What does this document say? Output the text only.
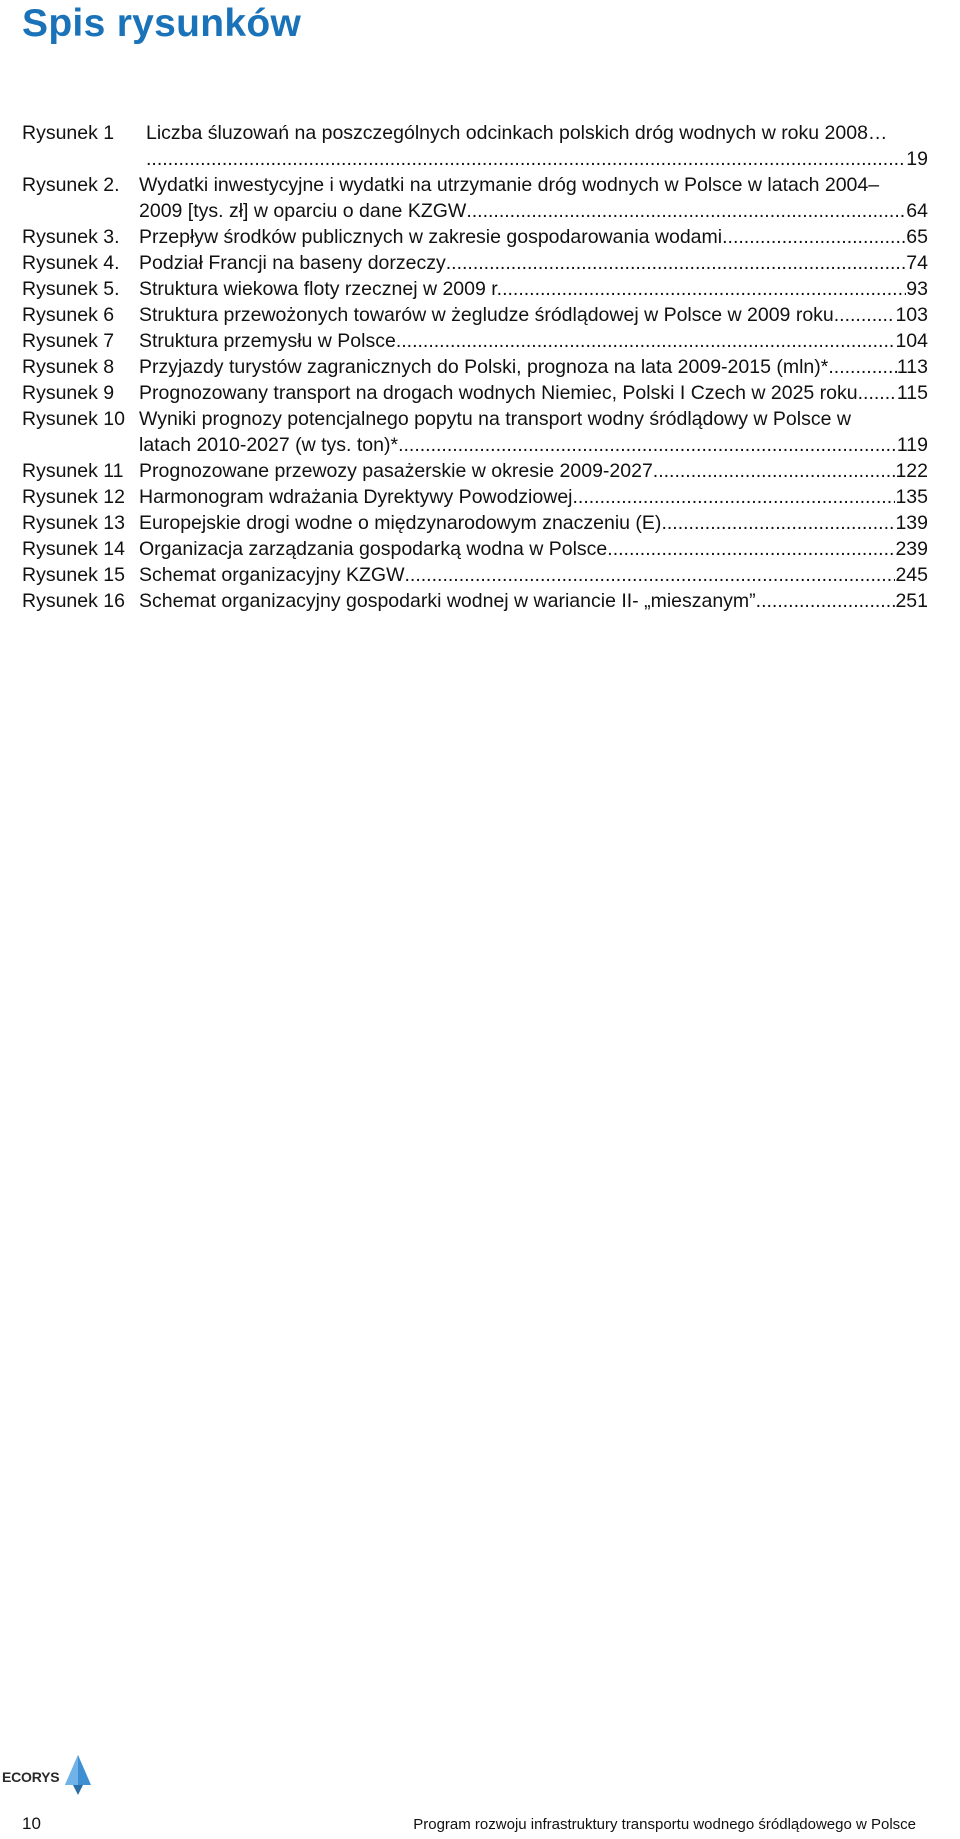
Spis rysunków
Rysunek 1	Liczba śluzowań na poszczególnych odcinkach polskich dróg wodnych w roku 2008…
.....
19
Rysunek 2. Wydatki inwestycyjne i wydatki na utrzymanie dróg wodnych w Polsce w latach 2004–
2009 [tys. zł] w oparciu o dane KZGW .....	64
Rysunek 3. Przepływ środków publicznych w zakresie gospodarowania wodami .....	65
Rysunek 4. Podział Francji na baseny dorzeczy .....	74
Rysunek 5. Struktura wiekowa floty rzecznej w 2009 r. .....	93
Rysunek 6	Struktura przewożonych towarów w żegludze śródlądowej w Polsce w 2009 roku .....	103
Rysunek 7	Struktura przemysłu w Polsce .....	104
Rysunek 8	Przyjazdy turystów zagranicznych do Polski, prognoza na lata 2009-2015 (mln)* .....	113
Rysunek 9	Prognozowany transport na drogach wodnych Niemiec, Polski I Czech w 2025 roku ..... 115
Rysunek 10 Wyniki prognozy potencjalnego popytu na transport wodny śródlądowy w Polsce w
latach 2010-2027 (w tys. ton)* .....	119
Rysunek 11 Prognozowane przewozy pasażerskie w okresie 2009-2027 .....	122
Rysunek 12 Harmonogram wdrażania Dyrektywy Powodziowej .....	135
Rysunek 13 Europejskie drogi wodne o międzynarodowym znaczeniu (E) .....	139
Rysunek 14 Organizacja zarządzania gospodarką wodna w Polsce .....	239
Rysunek 15 Schemat organizacyjny KZGW .....	245
Rysunek 16 Schemat organizacyjny gospodarki wodnej w wariancie II- „mieszanym”. .....	251
ECORYS
10	Program rozwoju infrastruktury transportu wodnego śródlądowego w Polsce
